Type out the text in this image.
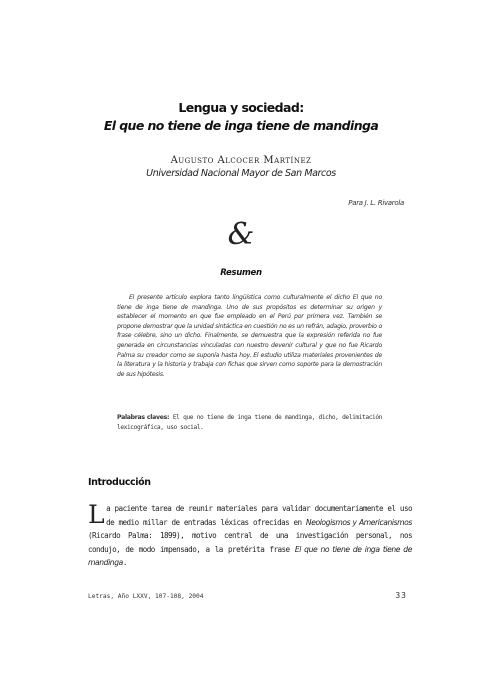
Lengua y sociedad:
El que no tiene de inga tiene de mandinga
Augusto Alcocer Martínez
Universidad Nacional Mayor de San Marcos
Para J. L. Rivarola
&
Resumen

El presente artículo explora tanto lingüística como culturalmente el dicho El que no tiene de inga tiene de mandinga. Uno de sus propósitos es determinar su origen y establecer el momento en que fue empleado en el Perú por primera vez. También se propone demostrar que la unidad sintáctica en cuestión no es un refrán, adagio, proverbio o frase célebre, sino un dicho. Finalmente, se demuestra que la expresión referida no fue generada en circunstancias vinculadas con nuestro devenir cultural y que no fue Ricardo Palma su creador como se suponía hasta hoy. El estudio utiliza materiales provenientes de la literatura y la historia y trabaja con fichas que sirven como soporte para la demostración de sus hipótesis.

Palabras claves: El que no tiene de inga tiene de mandinga, dicho, delimitación lexicográfica, uso social.

Introducción

La paciente tarea de reunir materiales para validar documentariamente el uso de medio millar de entradas léxicas ofrecidas en Neologismos y Americanismos (Ricardo Palma: 1899), motivo central de una investigación personal, nos condujo, de modo impensado, a la pretérita frase El que no tiene de inga tiene de mandinga.

Letras, Año LXXV, 107-108, 2004	33
